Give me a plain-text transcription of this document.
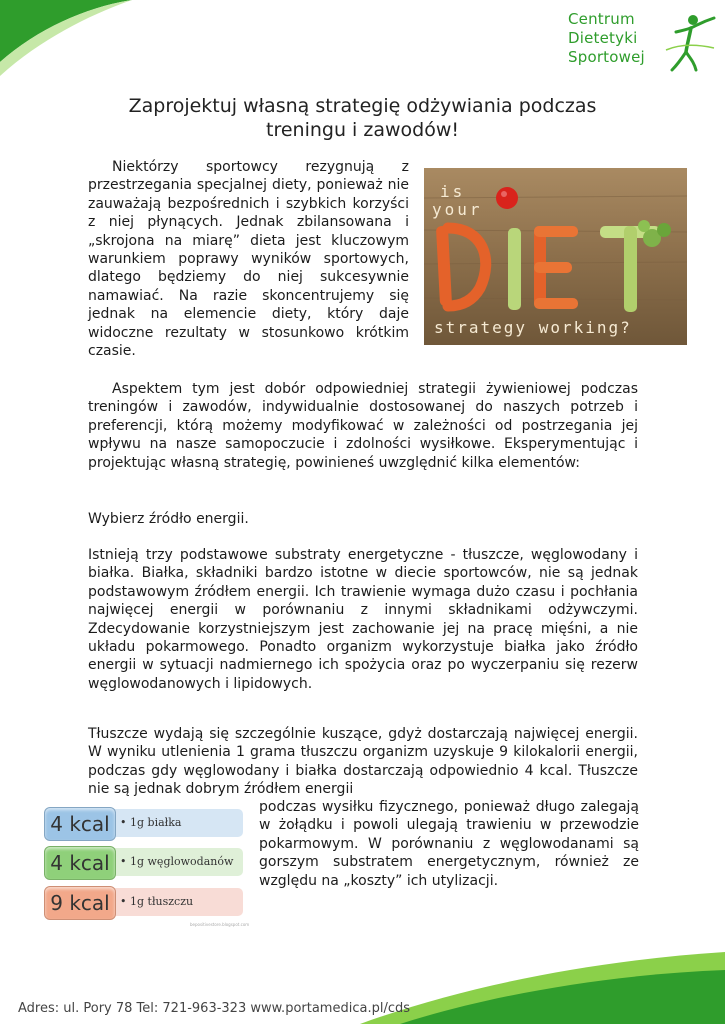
Centrum
Dietetyki
Sportowej
Zaprojektuj własną strategię odżywiania podczas
treningu i zawodów!

Niektórzy sportowcy rezygnują z przestrzegania specjalnej diety, ponieważ nie zauważają bezpośrednich i szybkich korzyści z niej płynących. Jednak zbilansowana i „skrojona na miarę” dieta jest kluczowym warunkiem poprawy wyników sportowych, dlatego będziemy do niej sukcesywnie namawiać. Na razie skoncentrujemy się jednak na elemencie diety, który daje widoczne rezultaty w stosunkowo krótkim czasie.

is
your
strategy working?

Aspektem tym jest dobór odpowiedniej strategii żywieniowej podczas treningów i zawodów, indywidualnie dostosowanej do naszych potrzeb i preferencji, którą możemy modyfikować w zależności od postrzegania jej wpływu na nasze samopoczucie i zdolności wysiłkowe. Eksperymentując i projektując własną strategię, powinieneś uwzględnić kilka elementów:

Wybierz źródło energii.

Istnieją trzy podstawowe substraty energetyczne - tłuszcze, węglowodany i białka. Białka, składniki bardzo istotne w diecie sportowców, nie są jednak podstawowym źródłem energii. Ich trawienie wymaga dużo czasu i pochłania najwięcej energii w porównaniu z innymi składnikami odżywczymi. Zdecydowanie korzystniejszym jest zachowanie jej na pracę mięśni, a nie układu pokarmowego. Ponadto organizm wykorzystuje białka jako źródło energii w sytuacji nadmiernego ich spożycia oraz po wyczerpaniu się rezerw węglowodanowych i lipidowych.

Tłuszcze wydają się szczególnie kuszące, gdyż dostarczają najwięcej energii. W wyniku utlenienia 1 grama tłuszczu organizm uzyskuje 9 kilokalorii energii, podczas gdy węglowodany i białka dostarczają odpowiednio 4 kcal. Tłuszcze nie są jednak dobrym źródłem energii

podczas wysiłku fizycznego, ponieważ długo zalegają w żołądku i powoli ulegają trawieniu w przewodzie pokarmowym. W porównaniu z węglowodanami są gorszym substratem energetycznym, również ze względu na „koszty” ich utylizacji.

• 1g białka
4 kcal
• 1g węglowodanów
4 kcal
• 1g tłuszczu
9 kcal
bepositivestore.blogspot.com
Adres: ul. Pory 78 Tel: 721-963-323 www.portamedica.pl/cds
